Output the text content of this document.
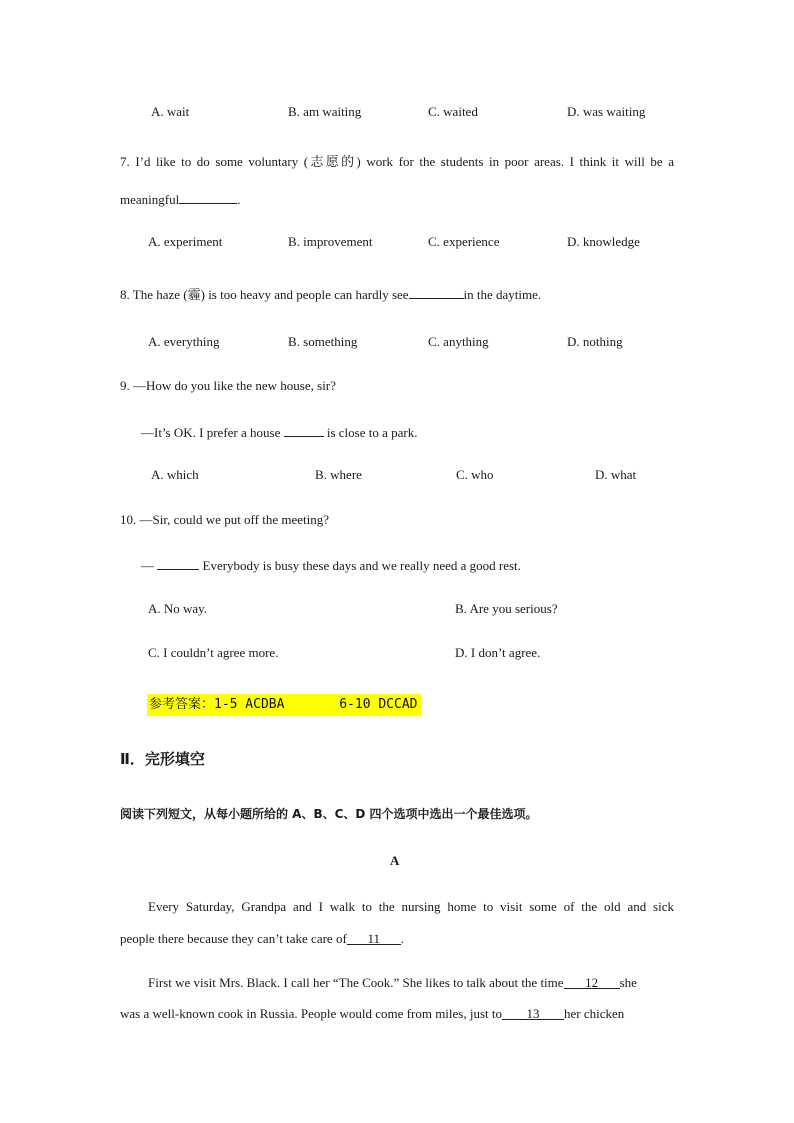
A. wait	B. am waiting	C. waited	D. was waiting
7. I’d like to do some voluntary (志愿的) work for the students in poor areas. I think it will be a
meaningful	.
A. experiment	B. improvement	C. experience	D. knowledge
8. The haze (霾) is too heavy and people can hardly see	in the daytime.
A. everything	B. something	C. anything	D. nothing
9. —How do you like the new house, sir?
—It’s OK. I prefer a house	is close to a park.
A. which	B. where	C. who	D. what
10. —Sir, could we put off the meeting?
—	Everybody is busy these days and we really need a good rest.
A. No way.	B. Are you serious?
C. I couldn’t agree more.	D. I don’t agree.
参考答案：1-5 ACDBA       6-10 DCCAD
Ⅱ．完形填空
阅读下列短文，从每小题所给的 A、B、C、D 四个选项中选出一个最佳选项。
A
Every Saturday, Grandpa and I walk to the nursing home to visit some of the old and sick
people there because they can’t take care of 11 .
First we visit Mrs. Black. I call her “The Cook.” She likes to talk about the time 12 she
was a well-known cook in Russia. People would come from miles, just to 13 her chicken
